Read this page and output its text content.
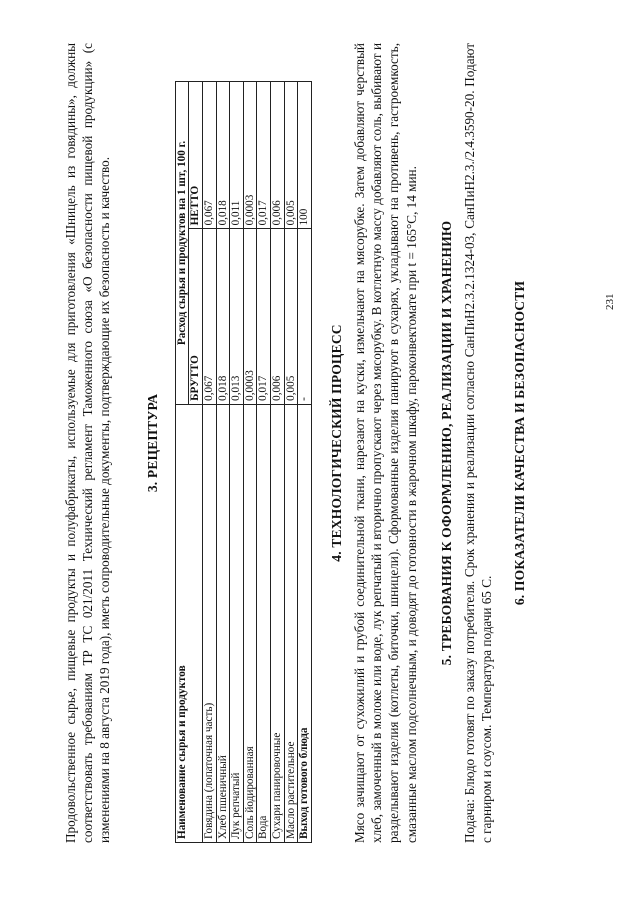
Продовольственное сырье, пищевые продукты и полуфабрикаты, используемые для приготовления «Шницель из говядины», должны соответствовать требованиям ТР ТС 021/2011 Технический регламент Таможенного союза «О безопасности пищевой продукции» (с изменениями на 8 августа 2019 года), иметь сопроводительные документы, подтверждающие их безопасность и качество. 3. РЕЦЕПТУРА
Наименование сырья и продуктов	Расход сырья и продуктов на 1 шт, 100 г.	
	БРУТТО	НЕТТО
Говядина (лопаточная часть)	0,067	0,067
Хлеб пшеничный	0,018	0,018
Лук репчатый	0,013	0,011
Соль йодированная	0,0003	0,0003
Вода	0,017	0,017
Сухари панировочные	0,006	0,006
Масло растительное	0,005	0,005
Выход готового блюда	-	100
4. ТЕХНОЛОГИЧЕСКИЙ ПРОЦЕСС Мясо зачищают от сухожилий и грубой соединительной ткани, нарезают на куски, измельчают на мясорубке. Затем добавляют черствый хлеб, замоченный в молоке или воде, лук репчатый и вторично пропускают через мясорубку. В котлетную массу добавляют соль, выбивают и разделывают изделия (котлеты, биточки, шницели). Сформованные изделия панируют в сухарях, укладывают на противень, гастроемкость, смазанные маслом подсолнечным, и доводят до готовности в жарочном шкафу, пароконвектомате при t = 165°С, 14 мин. 5. ТРЕБОВАНИЯ К ОФОРМЛЕНИЮ, РЕАЛИЗАЦИИ И ХРАНЕНИЮ Подача: Блюдо готовят по заказу потребителя. Срок хранения и реализации согласно СанПиН2.3.2.1324-03, СанПиН2.3./2.4.3590-20. Подают с гарниром и соусом. Температура подачи 65 С.

6. ПОКАЗАТЕЛИ КАЧЕСТВА И БЕЗОПАСНОСТИ	231
